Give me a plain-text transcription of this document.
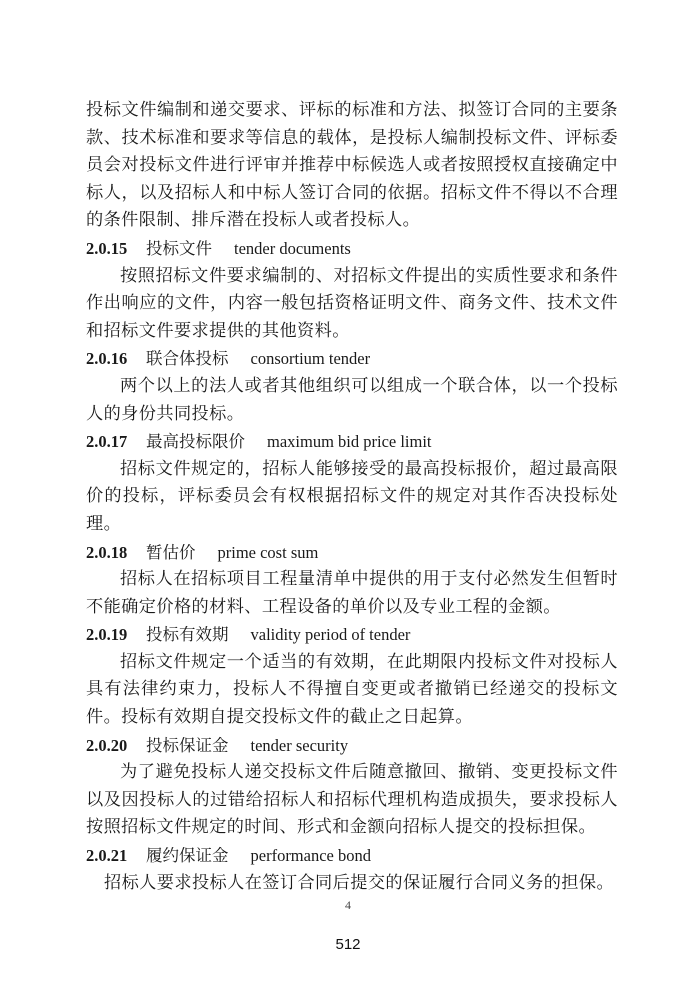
投标文件编制和递交要求、评标的标准和方法、拟签订合同的主要条款、技术标准和要求等信息的载体，是投标人编制投标文件、评标委员会对投标文件进行评审并推荐中标候选人或者按照授权直接确定中标人，以及招标人和中标人签订合同的依据。招标文件不得以不合理的条件限制、排斥潜在投标人或者投标人。

2.0.15 投标文件 tender documents

按照招标文件要求编制的、对招标文件提出的实质性要求和条件作出响应的文件，内容一般包括资格证明文件、商务文件、技术文件和招标文件要求提供的其他资料。

2.0.16 联合体投标 consortium tender

两个以上的法人或者其他组织可以组成一个联合体，以一个投标人的身份共同投标。

2.0.17 最高投标限价 maximum bid price limit

招标文件规定的，招标人能够接受的最高投标报价，超过最高限价的投标，评标委员会有权根据招标文件的规定对其作否决投标处理。

2.0.18 暂估价 prime cost sum

招标人在招标项目工程量清单中提供的用于支付必然发生但暂时不能确定价格的材料、工程设备的单价以及专业工程的金额。

2.0.19 投标有效期 validity period of tender

招标文件规定一个适当的有效期，在此期限内投标文件对投标人具有法律约束力，投标人不得擅自变更或者撤销已经递交的投标文件。投标有效期自提交投标文件的截止之日起算。

2.0.20 投标保证金 tender security

为了避免投标人递交投标文件后随意撤回、撤销、变更投标文件以及因投标人的过错给招标人和招标代理机构造成损失，要求投标人按照招标文件规定的时间、形式和金额向招标人提交的投标担保。

2.0.21 履约保证金 performance bond

招标人要求投标人在签订合同后提交的保证履行合同义务的担保。

4
512
